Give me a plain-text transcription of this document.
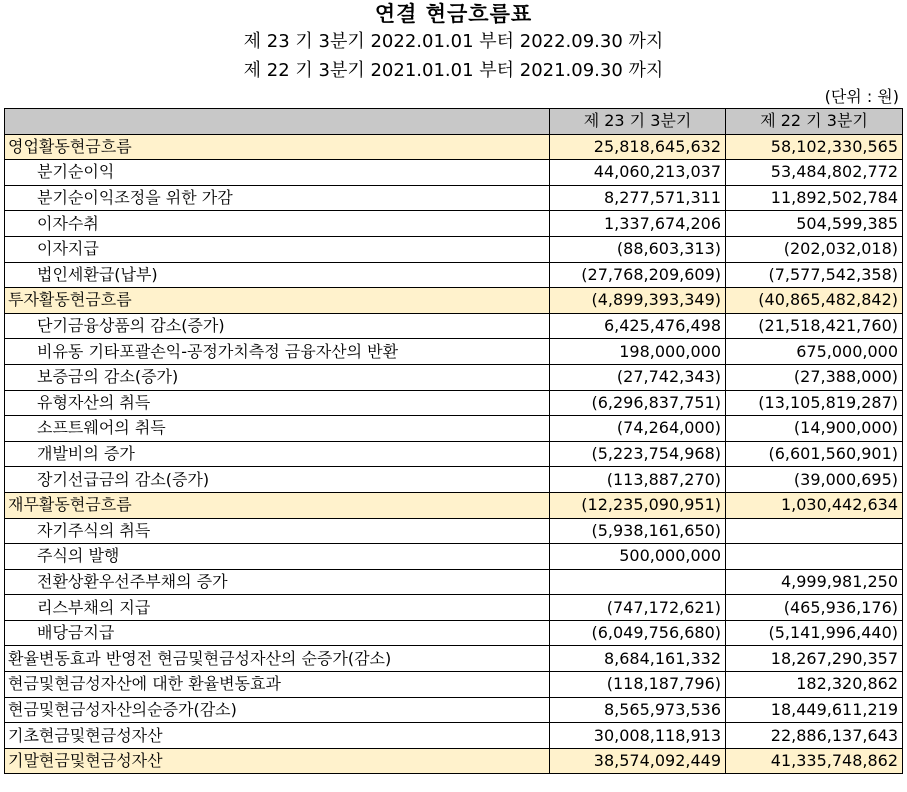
연결 현금흐름표
제 23 기 3분기 2022.01.01 부터 2022.09.30 까지
제 22 기 3분기 2021.01.01 부터 2021.09.30 까지
(단위 : 원)
	제 23 기 3분기	제 22 기 3분기
영업활동현금흐름	25,818,645,632	58,102,330,565
분기순이익	44,060,213,037	53,484,802,772
분기순이익조정을 위한 가감	8,277,571,311	11,892,502,784
이자수취	1,337,674,206	504,599,385
이자지급	(88,603,313)	(202,032,018)
법인세환급(납부)	(27,768,209,609)	(7,577,542,358)
투자활동현금흐름	(4,899,393,349)	(40,865,482,842)
단기금융상품의 감소(증가)	6,425,476,498	(21,518,421,760)
비유동 기타포괄손익-공정가치측정 금융자산의 반환	198,000,000	675,000,000
보증금의 감소(증가)	(27,742,343)	(27,388,000)
유형자산의 취득	(6,296,837,751)	(13,105,819,287)
소프트웨어의 취득	(74,264,000)	(14,900,000)
개발비의 증가	(5,223,754,968)	(6,601,560,901)
장기선급금의 감소(증가)	(113,887,270)	(39,000,695)
재무활동현금흐름	(12,235,090,951)	1,030,442,634
자기주식의 취득	(5,938,161,650)	
주식의 발행	500,000,000	
전환상환우선주부채의 증가		4,999,981,250
리스부채의 지급	(747,172,621)	(465,936,176)
배당금지급	(6,049,756,680)	(5,141,996,440)
환율변동효과 반영전 현금및현금성자산의 순증가(감소)	8,684,161,332	18,267,290,357
현금및현금성자산에 대한 환율변동효과	(118,187,796)	182,320,862
현금및현금성자산의순증가(감소)	8,565,973,536	18,449,611,219
기초현금및현금성자산	30,008,118,913	22,886,137,643
기말현금및현금성자산	38,574,092,449	41,335,748,862
